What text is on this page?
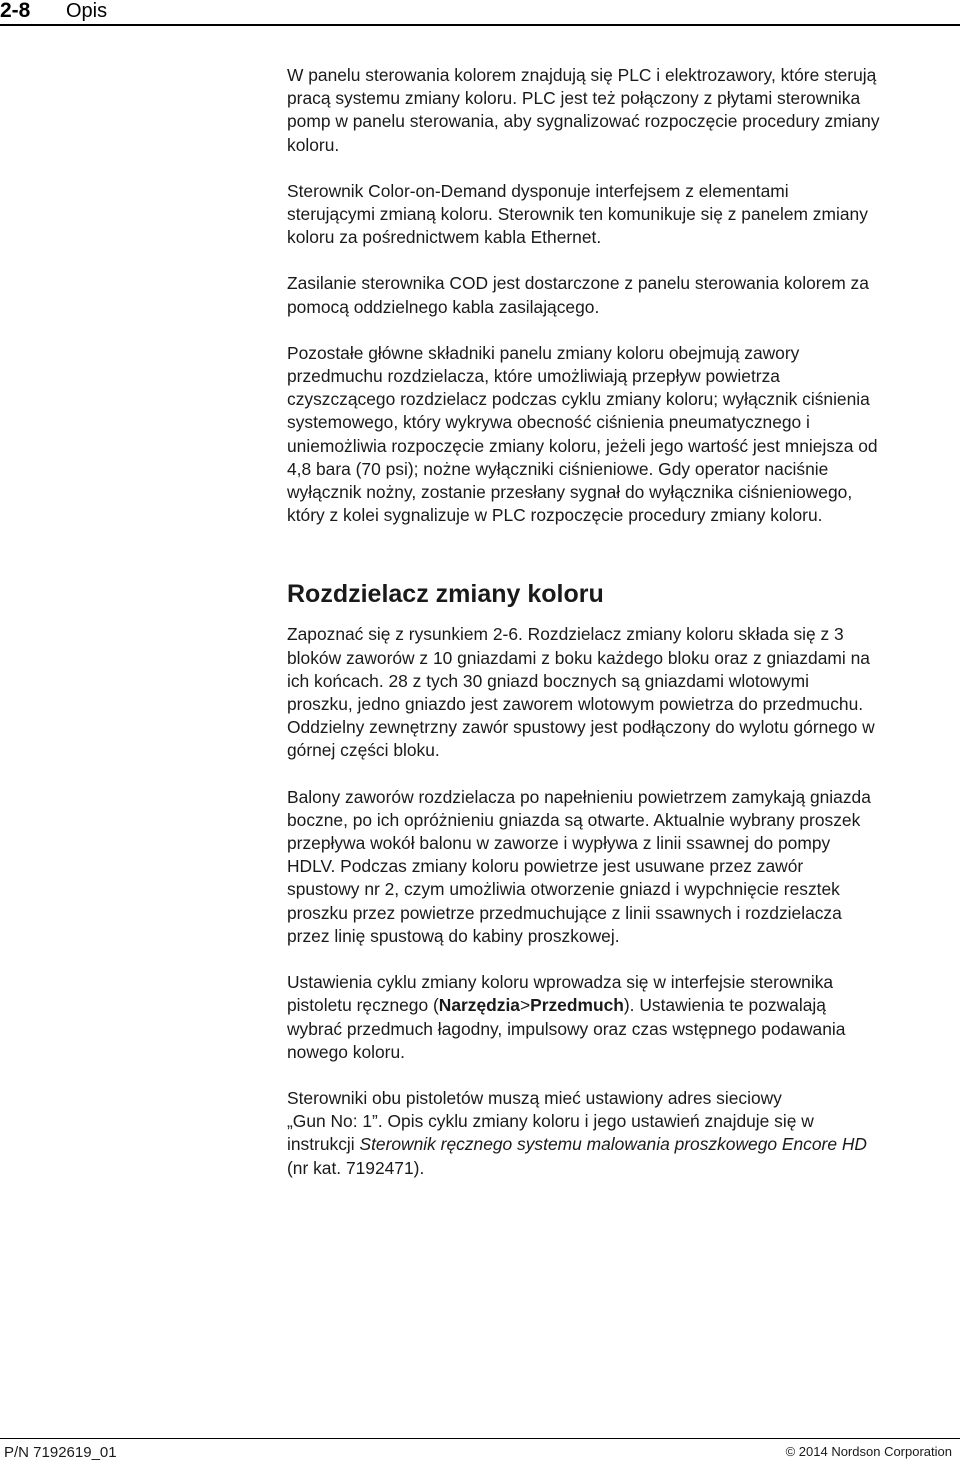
2-8 Opis

W panelu sterowania kolorem znajdują się PLC i elektrozawory, które sterują

pracą systemu zmiany koloru. PLC jest też połączony z płytami sterownika

pomp w panelu sterowania, aby sygnalizować rozpoczęcie procedury zmiany

koloru.

Sterownik Color-on-Demand dysponuje interfejsem z elementami

sterującymi zmianą koloru. Sterownik ten komunikuje się z panelem zmiany

koloru za pośrednictwem kabla Ethernet.

Zasilanie sterownika COD jest dostarczone z panelu sterowania kolorem za

pomocą oddzielnego kabla zasilającego.

Pozostałe główne składniki panelu zmiany koloru obejmują zawory

przedmuchu rozdzielacza, które umożliwiają przepływ powietrza

czyszczącego rozdzielacz podczas cyklu zmiany koloru; wyłącznik ciśnienia

systemowego, który wykrywa obecność ciśnienia pneumatycznego i

uniemożliwia rozpoczęcie zmiany koloru, jeżeli jego wartość jest mniejsza od

4,8 bara (70 psi); nożne wyłączniki ciśnieniowe. Gdy operator naciśnie

wyłącznik nożny, zostanie przesłany sygnał do wyłącznika ciśnieniowego,

który z kolei sygnalizuje w PLC rozpoczęcie procedury zmiany koloru.

Rozdzielacz zmiany koloru

Zapoznać się z rysunkiem 2-6. Rozdzielacz zmiany koloru składa się z 3

bloków zaworów z 10 gniazdami z boku każdego bloku oraz z gniazdami na

ich końcach. 28 z tych 30 gniazd bocznych są gniazdami wlotowymi

proszku, jedno gniazdo jest zaworem wlotowym powietrza do przedmuchu.

Oddzielny zewnętrzny zawór spustowy jest podłączony do wylotu górnego w

górnej części bloku.

Balony zaworów rozdzielacza po napełnieniu powietrzem zamykają gniazda

boczne, po ich opróżnieniu gniazda są otwarte. Aktualnie wybrany proszek

przepływa wokół balonu w zaworze i wypływa z linii ssawnej do pompy

HDLV. Podczas zmiany koloru powietrze jest usuwane przez zawór

spustowy nr 2, czym umożliwia otworzenie gniazd i wypchnięcie resztek

proszku przez powietrze przedmuchujące z linii ssawnych i rozdzielacza

przez linię spustową do kabiny proszkowej.

Ustawienia cyklu zmiany koloru wprowadza się w interfejsie sterownika

pistoletu ręcznego (Narzędzia>Przedmuch). Ustawienia te pozwalają

wybrać przedmuch łagodny, impulsowy oraz czas wstępnego podawania

nowego koloru.

Sterowniki obu pistoletów muszą mieć ustawiony adres sieciowy

„Gun No: 1”. Opis cyklu zmiany koloru i jego ustawień znajduje się w

instrukcji Sterownik ręcznego systemu malowania proszkowego Encore HD

(nr kat. 7192471).

P/N 7192619_01	© 2014 Nordson Corporation
